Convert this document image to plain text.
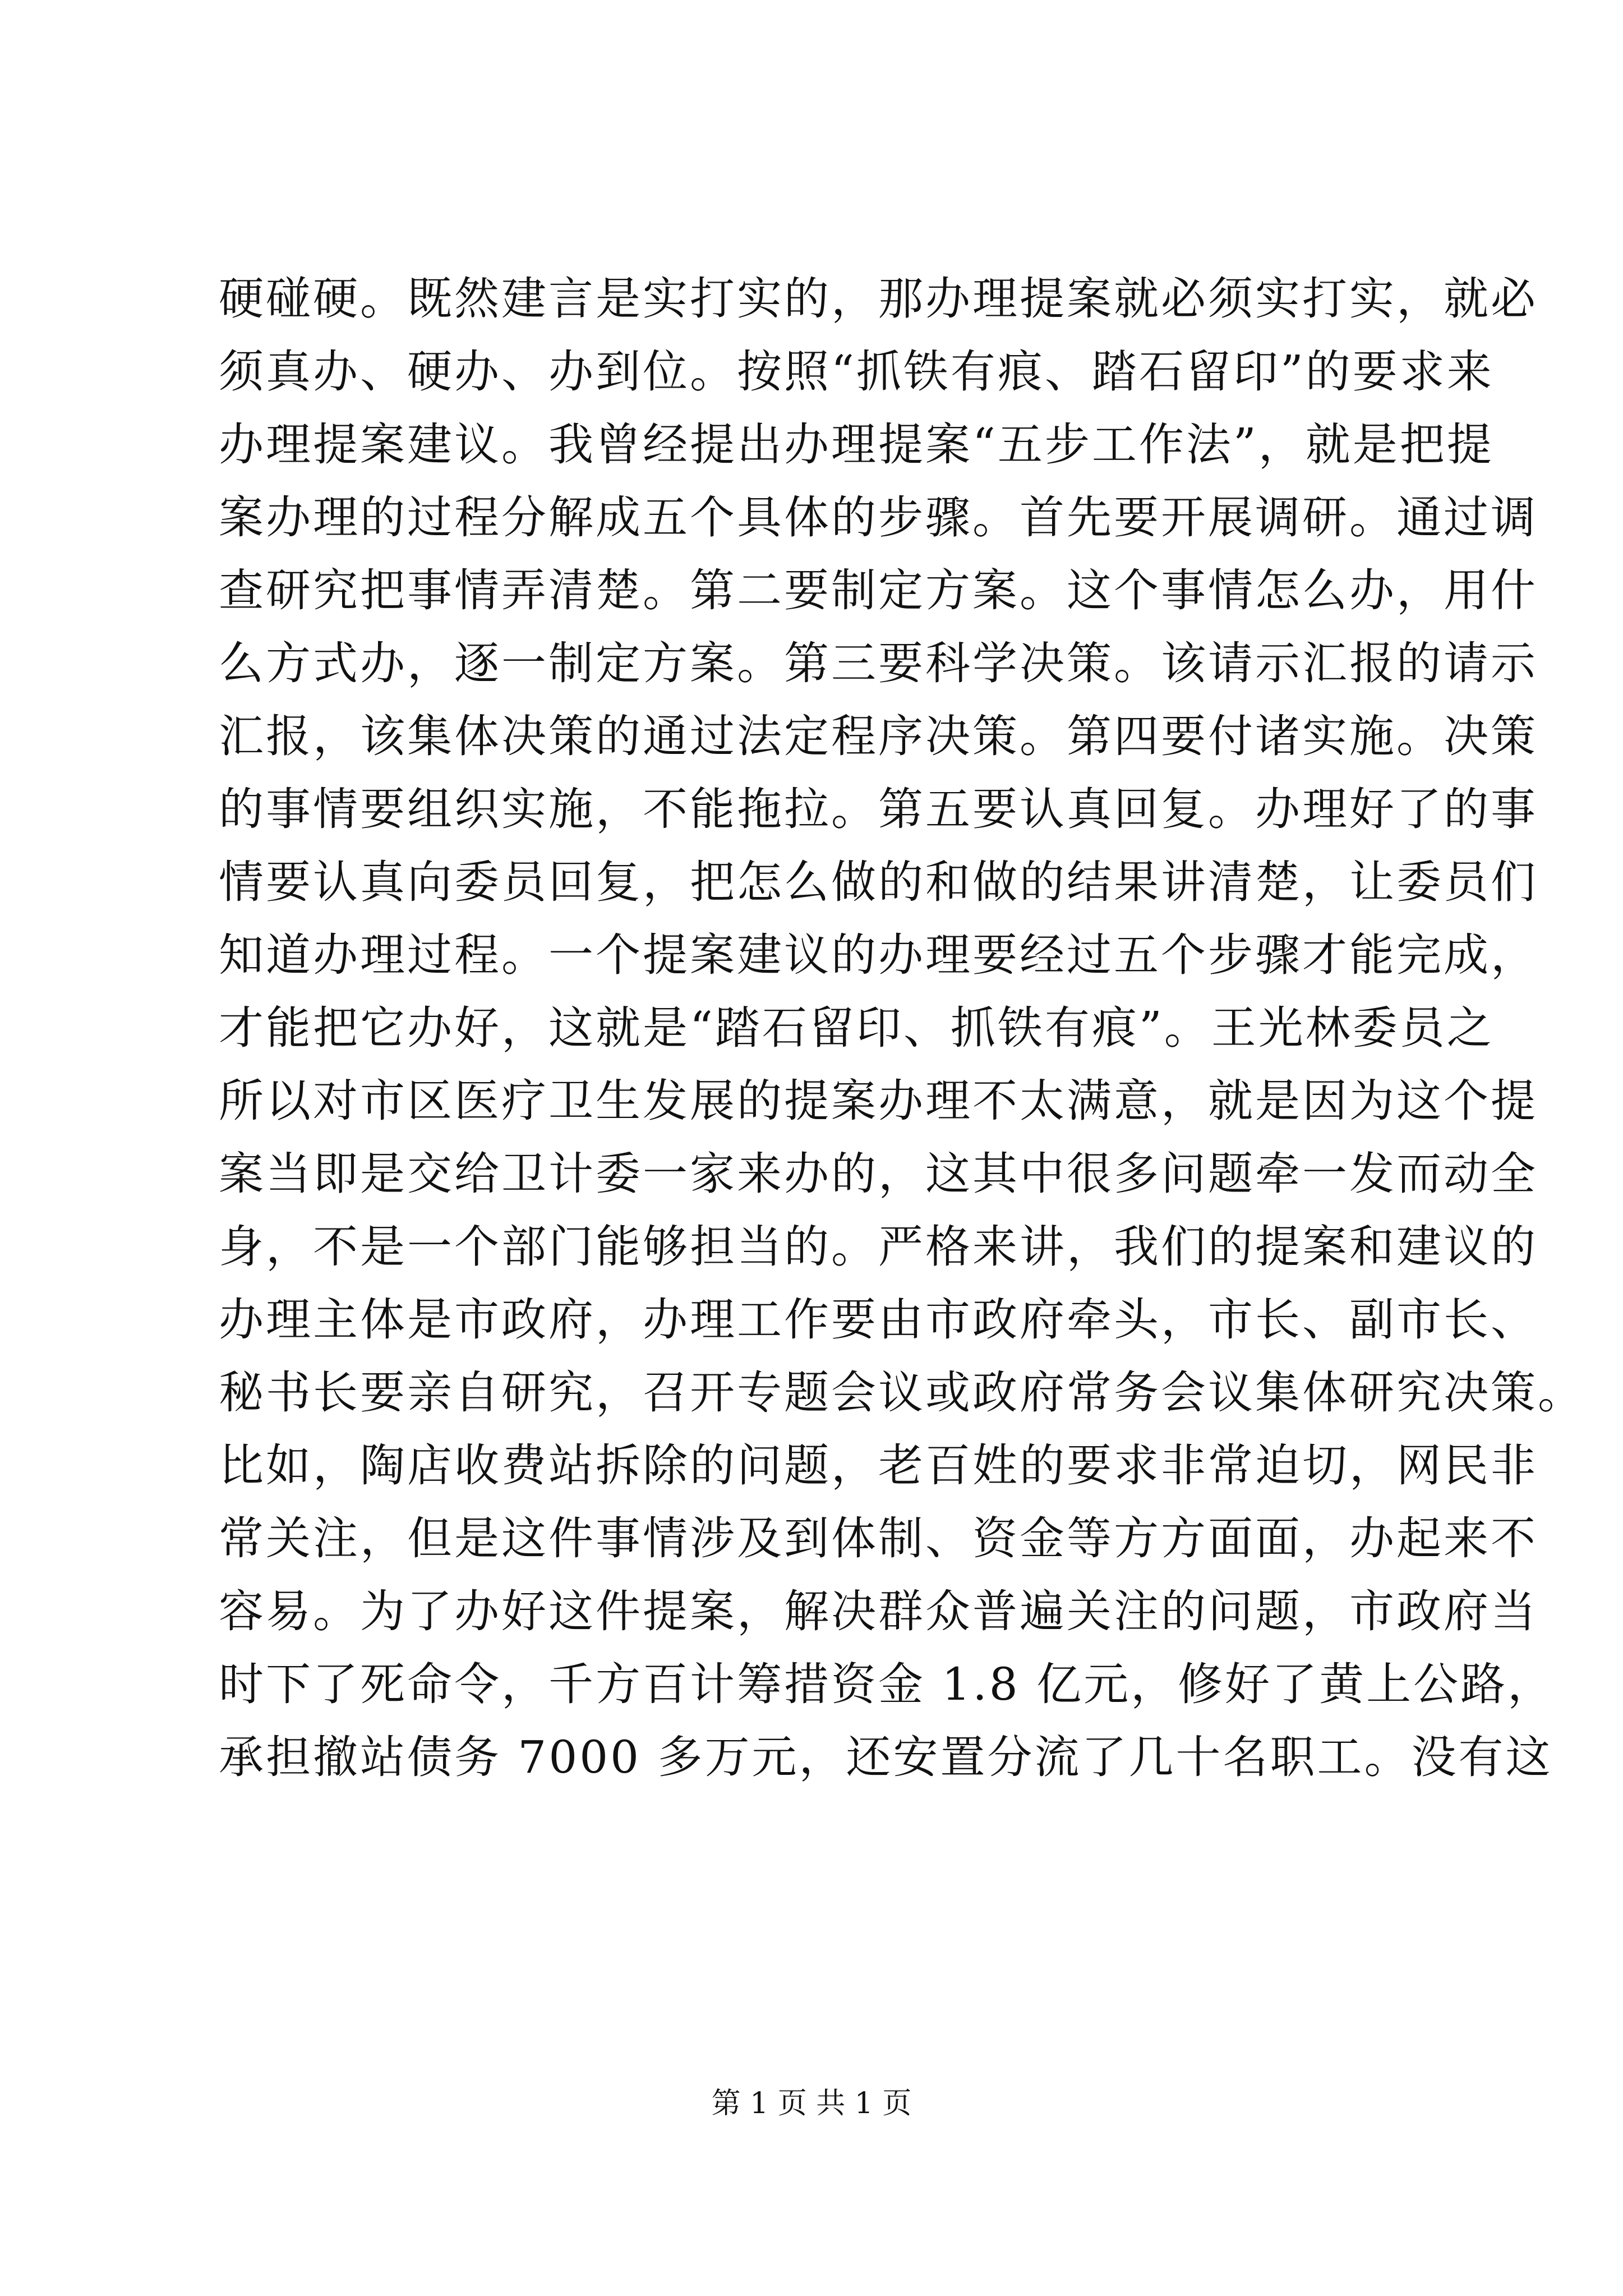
硬碰硬。既然建言是实打实的，那办理提案就必须实打实，就必
须真办、硬办、办到位。按照“抓铁有痕、踏石留印”的要求来
办理提案建议。我曾经提出办理提案“五步工作法”，就是把提
案办理的过程分解成五个具体的步骤。首先要开展调研。通过调
查研究把事情弄清楚。第二要制定方案。这个事情怎么办，用什
么方式办，逐一制定方案。第三要科学决策。该请示汇报的请示
汇报，该集体决策的通过法定程序决策。第四要付诸实施。决策
的事情要组织实施，不能拖拉。第五要认真回复。办理好了的事
情要认真向委员回复，把怎么做的和做的结果讲清楚，让委员们
知道办理过程。一个提案建议的办理要经过五个步骤才能完成，
才能把它办好，这就是“踏石留印、抓铁有痕”。王光林委员之
所以对市区医疗卫生发展的提案办理不太满意，就是因为这个提
案当即是交给卫计委一家来办的，这其中很多问题牵一发而动全
身，不是一个部门能够担当的。严格来讲，我们的提案和建议的
办理主体是市政府，办理工作要由市政府牵头，市长、副市长、
秘书长要亲自研究，召开专题会议或政府常务会议集体研究决策。
比如，陶店收费站拆除的问题，老百姓的要求非常迫切，网民非
常关注，但是这件事情涉及到体制、资金等方方面面，办起来不
容易。为了办好这件提案，解决群众普遍关注的问题，市政府当
时下了死命令，千方百计筹措资金 1.8 亿元，修好了黄上公路，
承担撤站债务 7000 多万元，还安置分流了几十名职工。没有这
第 1 页 共 1 页
